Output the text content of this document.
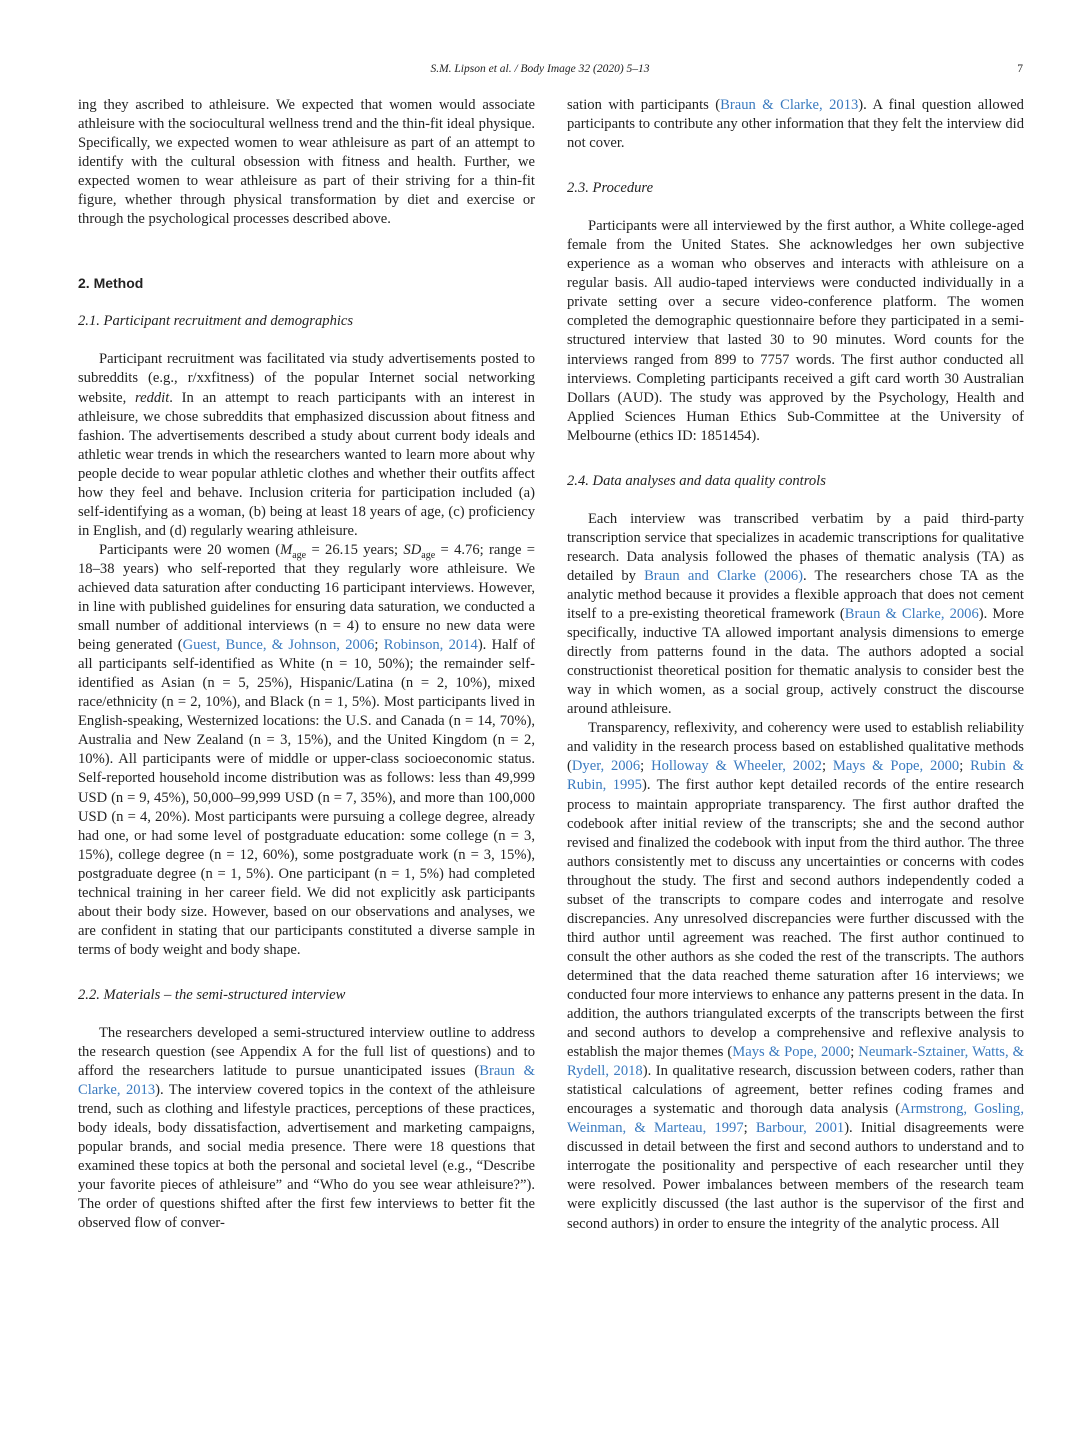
S.M. Lipson et al. / Body Image 32 (2020) 5–13	7

ing they ascribed to athleisure. We expected that women would associate athleisure with the sociocultural wellness trend and the thin-fit ideal physique. Specifically, we expected women to wear athleisure as part of an attempt to identify with the cultural obsession with fitness and health. Further, we expected women to wear athleisure as part of their striving for a thin-fit figure, whether through physical transformation by diet and exercise or through the psychological processes described above.

2. Method

2.1. Participant recruitment and demographics

Participant recruitment was facilitated via study advertisements posted to subreddits (e.g., r/xxfitness) of the popular Internet social networking website, reddit. In an attempt to reach participants with an interest in athleisure, we chose subreddits that emphasized discussion about fitness and fashion. The advertisements described a study about current body ideals and athletic wear trends in which the researchers wanted to learn more about why people decide to wear popular athletic clothes and whether their outfits affect how they feel and behave. Inclusion criteria for participation included (a) self-identifying as a woman, (b) being at least 18 years of age, (c) proficiency in English, and (d) regularly wearing athleisure.

Participants were 20 women ($M_{age} = 26.15$ years; $SD_{age} = 4.76$; range = 18–38 years) who self-reported that they regularly wore athleisure. We achieved data saturation after conducting 16 participant interviews. However, in line with published guidelines for ensuring data saturation, we conducted a small number of additional interviews (n = 4) to ensure no new data were being generated (Guest, Bunce, & Johnson, 2006; Robinson, 2014). Half of all participants self-identified as White (n = 10, 50%); the remainder self-identified as Asian (n = 5, 25%), Hispanic/Latina (n = 2, 10%), mixed race/ethnicity (n = 2, 10%), and Black (n = 1, 5%). Most participants lived in English-speaking, Westernized locations: the U.S. and Canada (n = 14, 70%), Australia and New Zealand (n = 3, 15%), and the United Kingdom (n = 2, 10%). All participants were of middle or upper-class socioeconomic status. Self-reported household income distribution was as follows: less than 49,999 USD (n = 9, 45%), 50,000–99,999 USD (n = 7, 35%), and more than 100,000 USD (n = 4, 20%). Most participants were pursuing a college degree, already had one, or had some level of postgraduate education: some college (n = 3, 15%), college degree (n = 12, 60%), some postgraduate work (n = 3, 15%), postgraduate degree (n = 1, 5%). One participant (n = 1, 5%) had completed technical training in her career field. We did not explicitly ask participants about their body size. However, based on our observations and analyses, we are confident in stating that our participants constituted a diverse sample in terms of body weight and body shape.

2.2. Materials – the semi-structured interview

The researchers developed a semi-structured interview outline to address the research question (see Appendix A for the full list of questions) and to afford the researchers latitude to pursue unanticipated issues (Braun & Clarke, 2013). The interview covered topics in the context of the athleisure trend, such as clothing and lifestyle practices, perceptions of these practices, body ideals, body dissatisfaction, advertisement and marketing campaigns, popular brands, and social media presence. There were 18 questions that examined these topics at both the personal and societal level (e.g., “Describe your favorite pieces of athleisure” and “Who do you see wear athleisure?”). The order of questions shifted after the first few interviews to better fit the observed flow of conver-

sation with participants (Braun & Clarke, 2013). A final question allowed participants to contribute any other information that they felt the interview did not cover.

2.3. Procedure

Participants were all interviewed by the first author, a White college-aged female from the United States. She acknowledges her own subjective experience as a woman who observes and interacts with athleisure on a regular basis. All audio-taped interviews were conducted individually in a private setting over a secure video-conference platform. The women completed the demographic questionnaire before they participated in a semi-structured interview that lasted 30 to 90 minutes. Word counts for the interviews ranged from 899 to 7757 words. The first author conducted all interviews. Completing participants received a gift card worth 30 Australian Dollars (AUD). The study was approved by the Psychology, Health and Applied Sciences Human Ethics Sub-Committee at the University of Melbourne (ethics ID: 1851454).

2.4. Data analyses and data quality controls

Each interview was transcribed verbatim by a paid third-party transcription service that specializes in academic transcriptions for qualitative research. Data analysis followed the phases of thematic analysis (TA) as detailed by Braun and Clarke (2006). The researchers chose TA as the analytic method because it provides a flexible approach that does not cement itself to a pre-existing theoretical framework (Braun & Clarke, 2006). More specifically, inductive TA allowed important analysis dimensions to emerge directly from patterns found in the data. The authors adopted a social constructionist theoretical position for thematic analysis to consider best the way in which women, as a social group, actively construct the discourse around athleisure.

Transparency, reflexivity, and coherency were used to establish reliability and validity in the research process based on established qualitative methods (Dyer, 2006; Holloway & Wheeler, 2002; Mays & Pope, 2000; Rubin & Rubin, 1995). The first author kept detailed records of the entire research process to maintain appropriate transparency. The first author drafted the codebook after initial review of the transcripts; she and the second author revised and finalized the codebook with input from the third author. The three authors consistently met to discuss any uncertainties or concerns with codes throughout the study. The first and second authors independently coded a subset of the transcripts to compare codes and interrogate and resolve discrepancies. Any unresolved discrepancies were further discussed with the third author until agreement was reached. The first author continued to consult the other authors as she coded the rest of the transcripts. The authors determined that the data reached theme saturation after 16 interviews; we conducted four more interviews to enhance any patterns present in the data. In addition, the authors triangulated excerpts of the transcripts between the first and second authors to develop a comprehensive and reflexive analysis to establish the major themes (Mays & Pope, 2000; Neumark-Sztainer, Watts, & Rydell, 2018). In qualitative research, discussion between coders, rather than statistical calculations of agreement, better refines coding frames and encourages a systematic and thorough data analysis (Armstrong, Gosling, Weinman, & Marteau, 1997; Barbour, 2001). Initial disagreements were discussed in detail between the first and second authors to understand and to interrogate the positionality and perspective of each researcher until they were resolved. Power imbalances between members of the research team were explicitly discussed (the last author is the supervisor of the first and second authors) in order to ensure the integrity of the analytic process. All
